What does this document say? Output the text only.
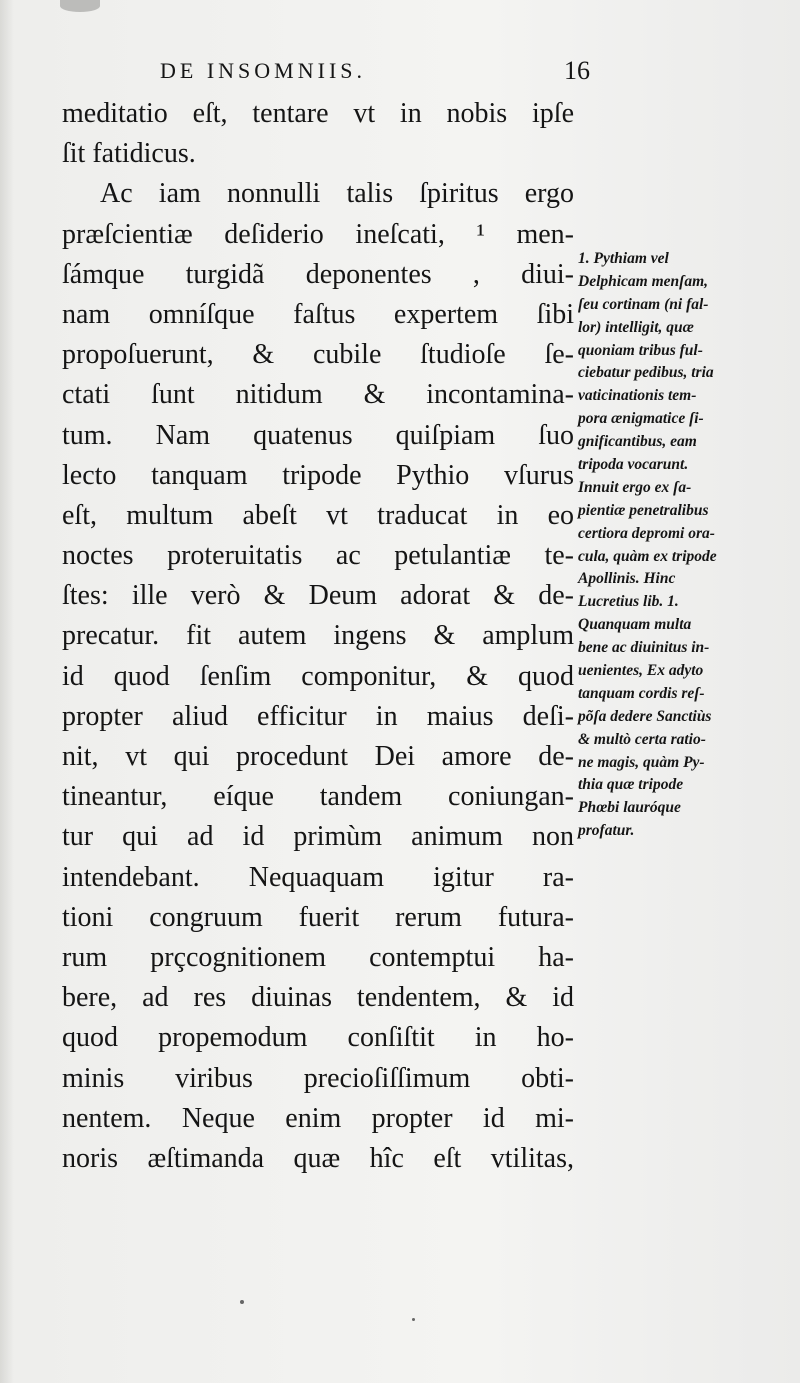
DE INSOMNIIS.	16
meditatio eſt, tentare vt in nobis ipſe
ſit fatidicus.
Ac iam nonnulli talis ſpiritus ergo
præſcientiæ deſiderio ineſcati, ¹ men-
ſámque turgidã deponentes , diui-
nam omníſque faſtus expertem ſibi
propoſuerunt, & cubile ſtudioſe ſe-
ctati ſunt nitidum & incontamina-
tum. Nam quatenus quiſpiam ſuo
lecto tanquam tripode Pythio vſurus
eſt, multum abeſt vt traducat in eo
noctes proteruitatis ac petulantiæ te-
ſtes: ille verò & Deum adorat & de-
precatur. fit autem ingens & amplum
id quod ſenſim componitur, & quod
propter aliud efficitur in maius deſi-
nit, vt qui procedunt Dei amore de-
tineantur, eíque tandem coniungan-
tur qui ad id primùm animum non
intendebant. Nequaquam igitur ra-
tioni congruum fuerit rerum futura-
rum prçcognitionem contemptui ha-
bere, ad res diuinas tendentem, & id
quod propemodum conſiſtit in ho-
minis viribus precioſiſſimum obti-
nentem. Neque enim propter id mi-
noris æſtimanda quæ hîc eſt vtilitas,
1. Pythiam vel
Delphicam menſam,
ſeu cortinam (ni fal-
lor) intelligit, quæ
quoniam tribus ful-
ciebatur pedibus, tria
vaticinationis tem-
pora ænigmatice ſi-
gnificantibus, eam
tripoda vocarunt.
Innuit ergo ex ſa-
pientiæ penetralibus
certiora depromi ora-
cula, quàm ex tripode
Apollinis. Hinc
Lucretius lib. 1.
Quanquam multa
bene ac diuinitus in-
uenientes, Ex adyto
tanquam cordis reſ-
põſa dedere Sanctiùs
& multò certa ratio-
ne magis, quàm Py-
thia quæ tripode
Phœbi lauróque
profatur.
